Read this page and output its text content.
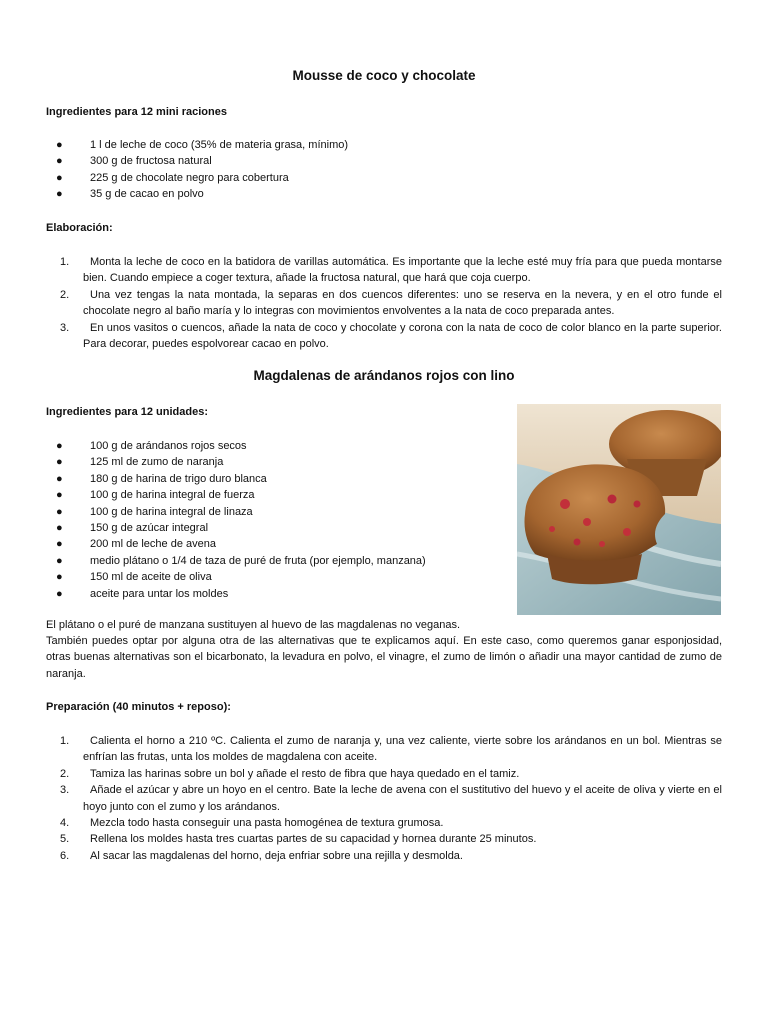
Mousse de coco y chocolate
Ingredientes para 12 mini raciones
● 1 l de leche de coco (35% de materia grasa, mínimo)
● 300 g de fructosa natural
● 225 g de chocolate negro para cobertura
● 35 g de cacao en polvo
Elaboración:
1.	Monta la leche de coco en la batidora de varillas automática. Es importante que la leche esté muy fría para que pueda montarse bien. Cuando empiece a coger textura, añade la fructosa natural, que hará que coja cuerpo.
2.	Una vez tengas la nata montada, la separas en dos cuencos diferentes: uno se reserva en la nevera, y en el otro funde el chocolate negro al baño maría y lo integras con movimientos envolventes a la nata de coco preparada antes.
3.	En unos vasitos o cuencos, añade la nata de coco y chocolate y corona con la nata de coco de color blanco en la parte superior. Para decorar, puedes espolvorear cacao en polvo.
Magdalenas de arándanos rojos con lino
Ingredientes para 12 unidades:
● 100 g de arándanos rojos secos
● 125 ml de zumo de naranja
● 180 g de harina de trigo duro blanca
● 100 g de harina integral de fuerza
● 100 g de harina integral de linaza
● 150 g de azúcar integral
● 200 ml de leche de avena
● medio plátano o 1/4 de taza de puré de fruta (por ejemplo, manzana)
● 150 ml de aceite de oliva
● aceite para untar los moldes

El plátano o el puré de manzana sustituyen al huevo de las magdalenas no veganas.

También puedes optar por alguna otra de las alternativas que te explicamos aquí. En este caso, como queremos ganar esponjosidad, otras buenas alternativas son el bicarbonato, la levadura en polvo, el vinagre, el zumo de limón o añadir una mayor cantidad de zumo de naranja.

Preparación (40 minutos + reposo):
1.	Calienta el horno a 210 ºC. Calienta el zumo de naranja y, una vez caliente, vierte sobre los arándanos en un bol. Mientras se enfrían las frutas, unta los moldes de magdalena con aceite.
2.	Tamiza las harinas sobre un bol y añade el resto de fibra que haya quedado en el tamiz.
3.	Añade el azúcar y abre un hoyo en el centro. Bate la leche de avena con el sustitutivo del huevo y el aceite de oliva y vierte en el hoyo junto con el zumo y los arándanos.
4.	Mezcla todo hasta conseguir una pasta homogénea de textura grumosa.
5.	Rellena los moldes hasta tres cuartas partes de su capacidad y hornea durante 25 minutos.
6.	Al sacar las magdalenas del horno, deja enfriar sobre una rejilla y desmolda.
